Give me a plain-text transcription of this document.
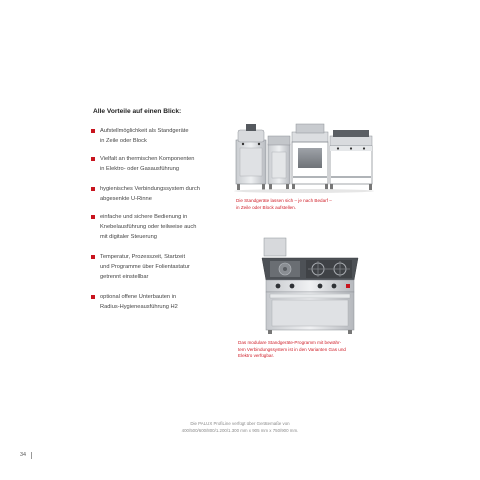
Alle Vorteile auf einen Blick:
Aufstellmöglichkeit als Standgeräte
in Zeile oder Block
Vielfalt an thermischen Komponenten
in Elektro- oder Gasausführung
hygienisches Verbindungssystem durch
abgesenkte U-Rinne
einfache und sichere Bedienung in
Knebelausführung oder teilweise auch
mit digitaler Steuerung
Temperatur, Prozesszeit, Startzeit
und Programme über Folientastatur
getrennt einstellbar
optional offene Unterbauten in
Radius-Hygieneausführung H2

Die Standgeräte lassen sich – je nach Bedarf –
in Zeile oder Block aufstellen.

Das modulare Standgeräte-Programm mit bewähr-
tem Verbindungssystem ist in den Varianten Gas und
Elektro verfügbar.

Die PALUX ProfiLine verfügt über Gerätemaße von
400/500/600/800/1.200/1.300 mm x 905 mm x 750/900 mm.

34
